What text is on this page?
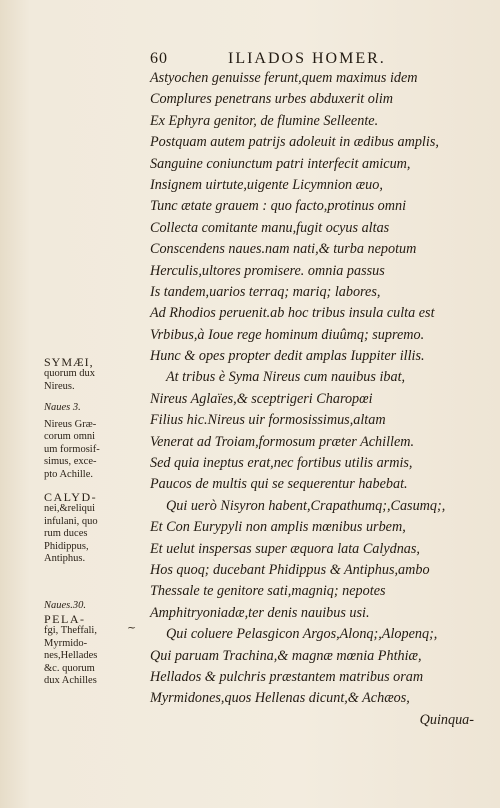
60	ILIADOS HOMER.
Astyochen genuisse ferunt,quem maximus idem
Complures penetrans urbes abduxerit olim
Ex Ephyra genitor, de flumine Selleente.
Postquam autem patrijs adoleuit in ædibus amplis,
Sanguine coniunctum patri interfecit amicum,
Insignem uirtute,uigente Licymnion æuo,
Tunc ætate grauem : quo facto,protinus omni
Collecta comitante manu,fugit ocyus altas
Conscendens naues.nam nati,& turba nepotum
Herculis,ultores promisere. omnia passus
Is tandem,uarios terraq; mariq; labores,
Ad Rhodios peruenit.ab hoc tribus insula culta est
Vrbibus,à Ioue rege hominum diuûmq; supremo.
Hunc & opes propter dedit amplas Iuppiter illis.
At tribus è Syma Nireus cum nauibus ibat,
Nireus Aglaïes,& sceptrigeri Charopœi
Filius hic.Nireus uir formosissimus,altam
Venerat ad Troiam,formosum præter Achillem.
Sed quia ineptus erat,nec fortibus utilis armis,
Paucos de multis qui se sequerentur habebat.
Qui uerò Nisyron habent,Crapathumq;,Casumq;,
Et Con Eurypyli non amplis mœnibus urbem,
Et uelut inspersas super æquora lata Calydnas,
Hos quoq; ducebant Phidippus & Antiphus,ambo
Thessale te genitore sati,magniq; nepotes
Amphitryoniadæ,ter denis nauibus usi.
Qui coluere Pelasgicon Argos,Alonq;,Alopenq;,
Qui paruam Trachina,& magnæ mœnia Phthiæ,
Hellados & pulchris præstantem matribus oram
Myrmidones,quos Hellenas dicunt,& Achæos,
Quinqua-
SYMÆI,
quorum dux
Nireus.
Naues 3.
Nireus Græ-
corum omni
um formosif-
simus, exce-
pto Achille.
CALYD-
nei,&reliqui
infulani, quo
rum duces
Phidippus,
Antiphus.
Naues.30.
~
PELA-
fgi, Theffali,
Myrmido-
nes,Hellades
&c. quorum
dux Achilles
